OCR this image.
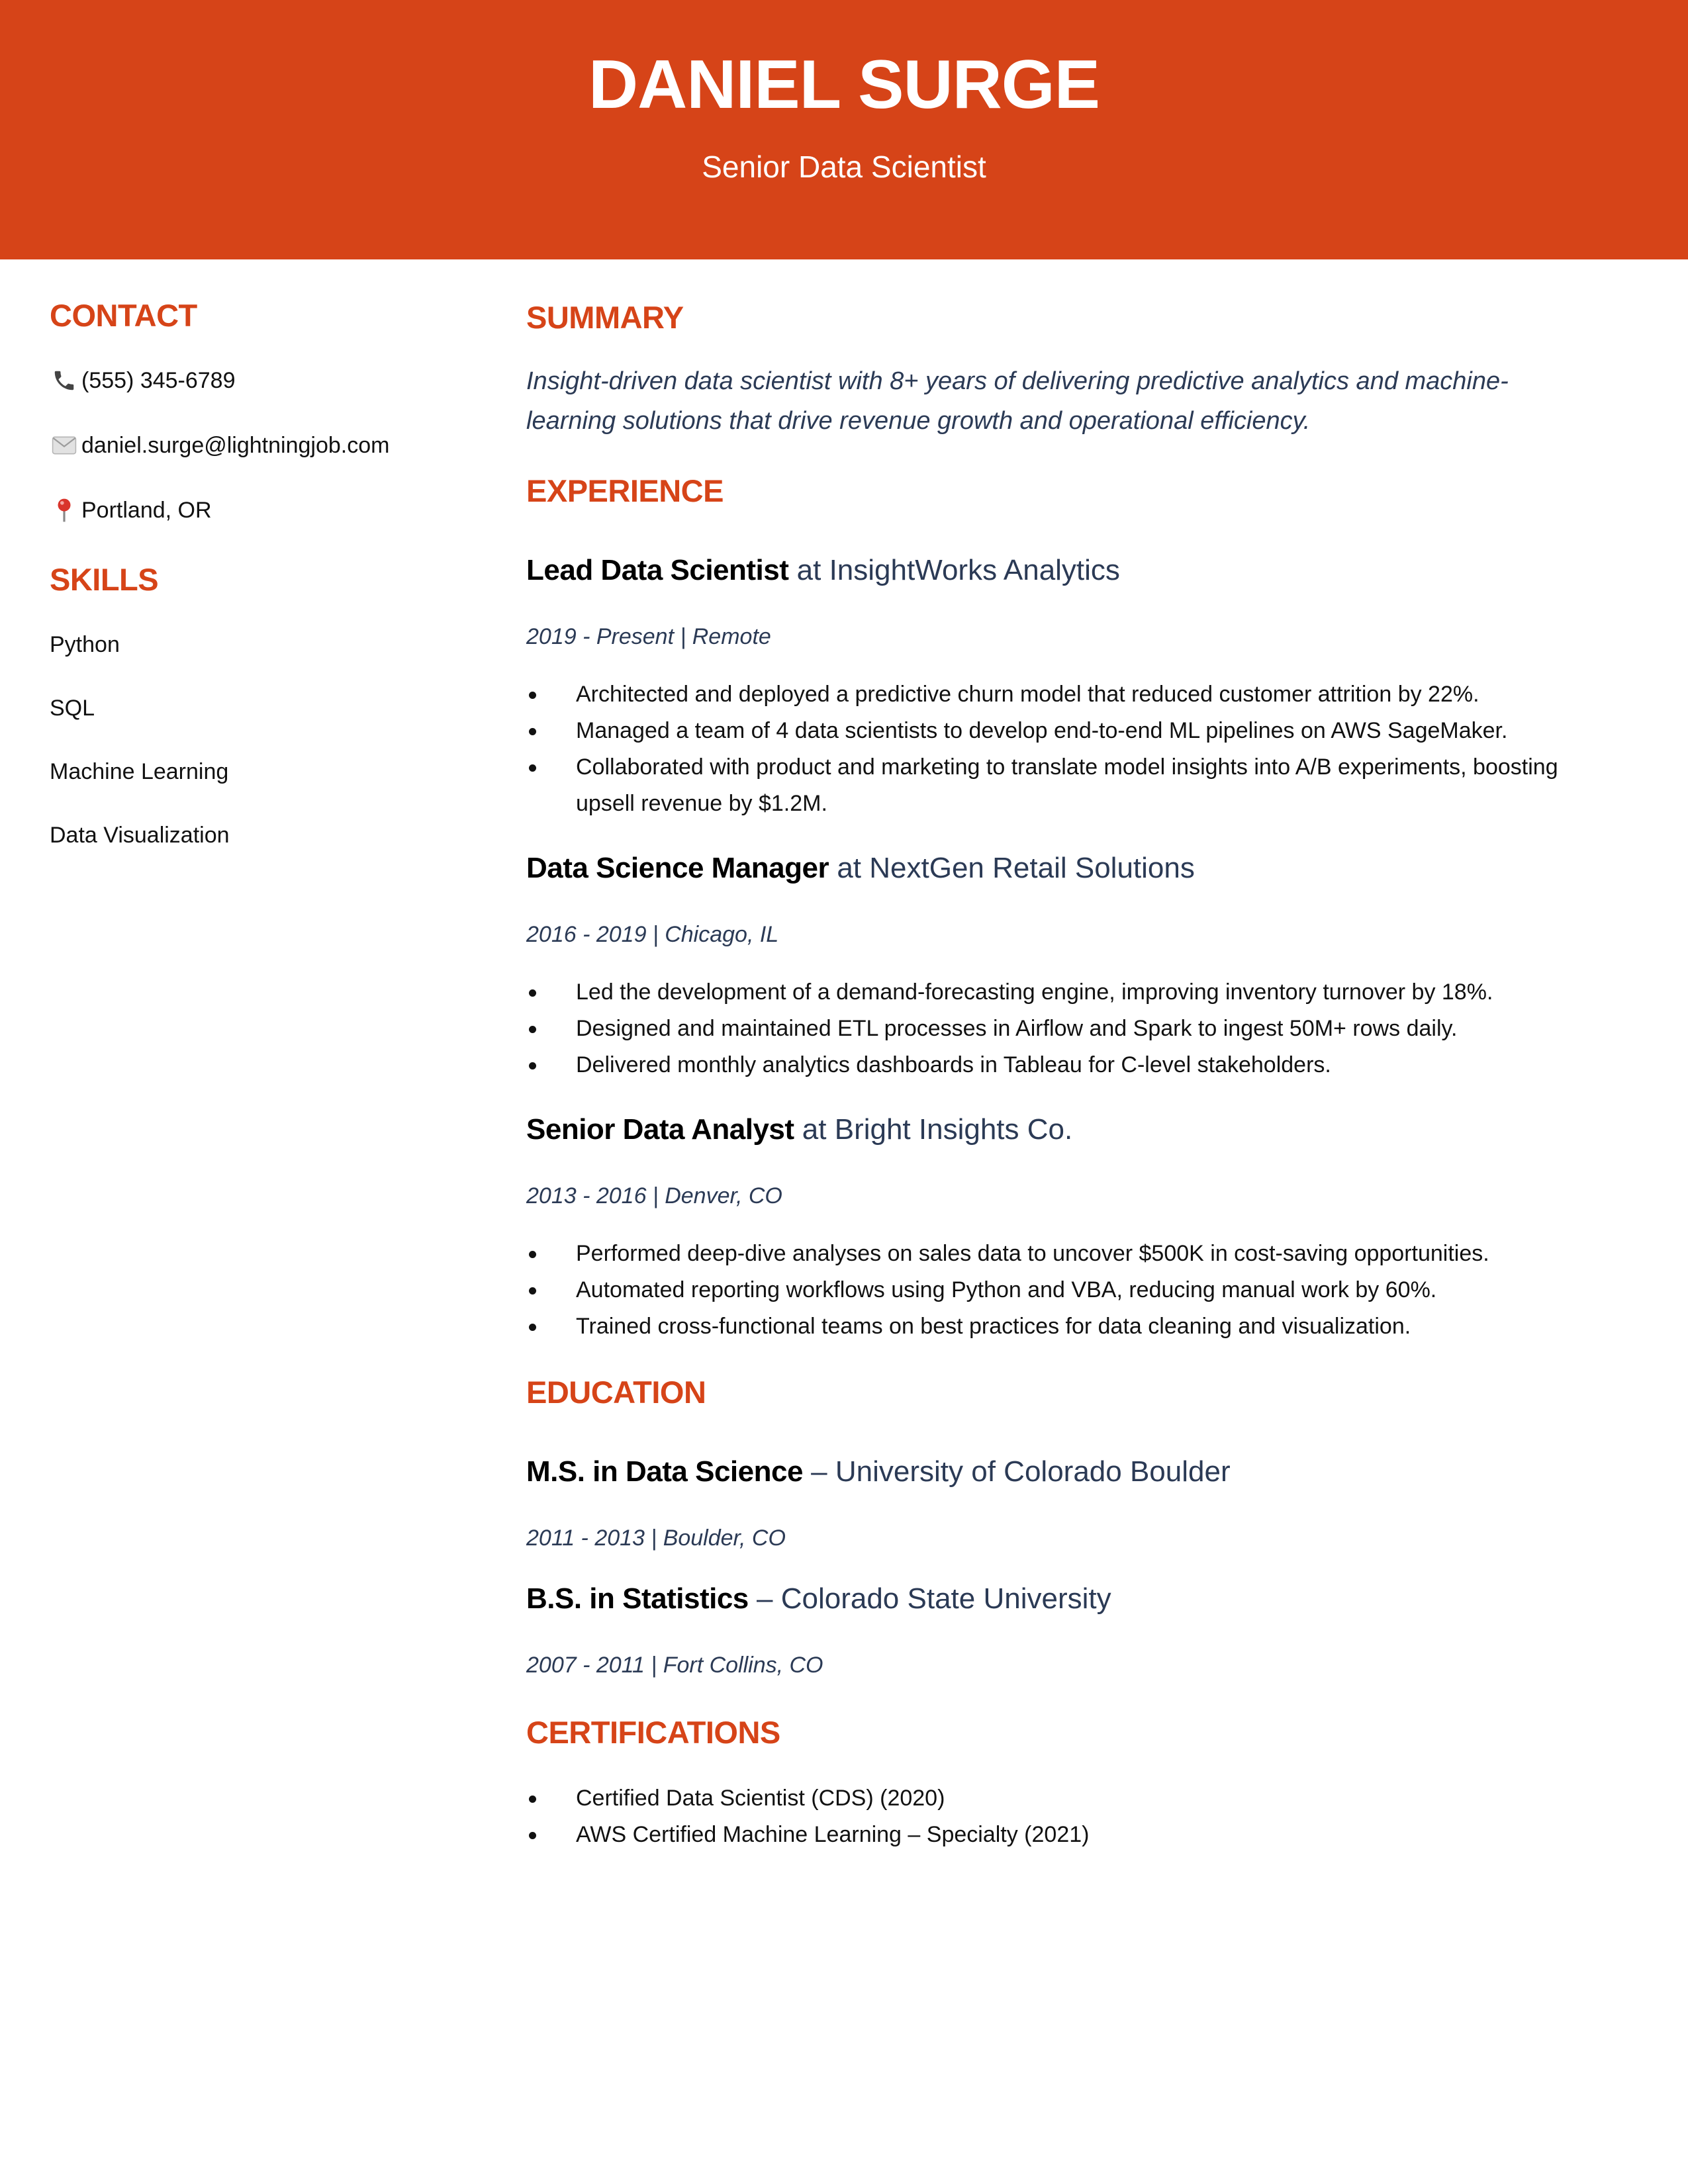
DANIEL SURGE
Senior Data Scientist
CONTACT
(555) 345-6789
daniel.surge@lightningjob.com
Portland, OR
SKILLS
Python
SQL
Machine Learning
Data Visualization
SUMMARY
Insight-driven data scientist with 8+ years of delivering predictive analytics and machine-learning solutions that drive revenue growth and operational efficiency.
EXPERIENCE
Lead Data Scientist at InsightWorks Analytics
2019 - Present | Remote
Architected and deployed a predictive churn model that reduced customer attrition by 22%.
Managed a team of 4 data scientists to develop end-to-end ML pipelines on AWS SageMaker.
Collaborated with product and marketing to translate model insights into A/B experiments, boosting upsell revenue by $1.2M.
Data Science Manager at NextGen Retail Solutions
2016 - 2019 | Chicago, IL
Led the development of a demand-forecasting engine, improving inventory turnover by 18%.
Designed and maintained ETL processes in Airflow and Spark to ingest 50M+ rows daily.
Delivered monthly analytics dashboards in Tableau for C-level stakeholders.
Senior Data Analyst at Bright Insights Co.
2013 - 2016 | Denver, CO
Performed deep-dive analyses on sales data to uncover $500K in cost-saving opportunities.
Automated reporting workflows using Python and VBA, reducing manual work by 60%.
Trained cross-functional teams on best practices for data cleaning and visualization.
EDUCATION
M.S. in Data Science – University of Colorado Boulder
2011 - 2013 | Boulder, CO
B.S. in Statistics – Colorado State University
2007 - 2011 | Fort Collins, CO
CERTIFICATIONS
Certified Data Scientist (CDS) (2020)
AWS Certified Machine Learning – Specialty (2021)
